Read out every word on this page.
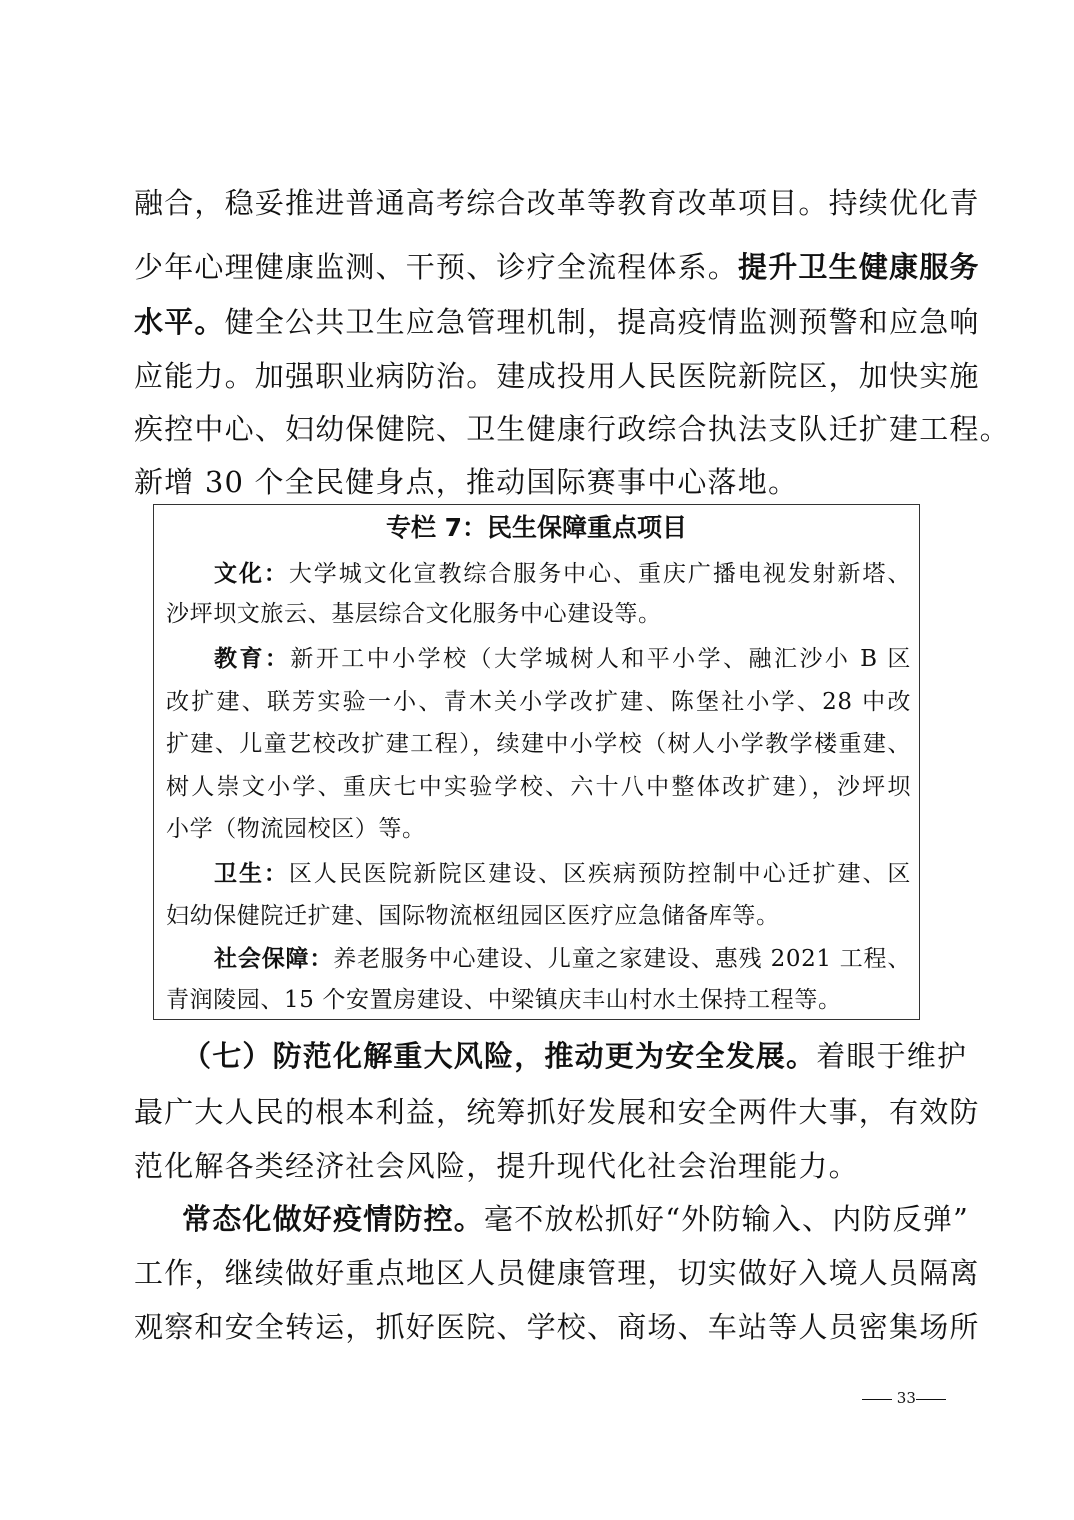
融合，稳妥推进普通高考综合改革等教育改革项目。持续优化青
少年心理健康监测、干预、诊疗全流程体系。提升卫生健康服务
水平。健全公共卫生应急管理机制，提高疫情监测预警和应急响
应能力。加强职业病防治。建成投用人民医院新院区，加快实施
疾控中心、妇幼保健院、卫生健康行政综合执法支队迁扩建工程。
新增 30 个全民健身点，推动国际赛事中心落地。
专栏 7：民生保障重点项目
文化：大学城文化宣教综合服务中心、重庆广播电视发射新塔、
沙坪坝文旅云、基层综合文化服务中心建设等。
教育：新开工中小学校（大学城树人和平小学、融汇沙小 B 区
改扩建、联芳实验一小、青木关小学改扩建、陈堡社小学、28 中改
扩建、儿童艺校改扩建工程），续建中小学校（树人小学教学楼重建、
树人崇文小学、重庆七中实验学校、六十八中整体改扩建），沙坪坝
小学（物流园校区）等。
卫生：区人民医院新院区建设、区疾病预防控制中心迁扩建、区
妇幼保健院迁扩建、国际物流枢纽园区医疗应急储备库等。
社会保障：养老服务中心建设、儿童之家建设、惠残 2021 工程、
青润陵园、15 个安置房建设、中梁镇庆丰山村水土保持工程等。
（七）防范化解重大风险，推动更为安全发展。着眼于维护
最广大人民的根本利益，统筹抓好发展和安全两件大事，有效防
范化解各类经济社会风险，提升现代化社会治理能力。
常态化做好疫情防控。毫不放松抓好“外防输入、内防反弹”
工作，继续做好重点地区人员健康管理，切实做好入境人员隔离
观察和安全转运，抓好医院、学校、商场、车站等人员密集场所
33
